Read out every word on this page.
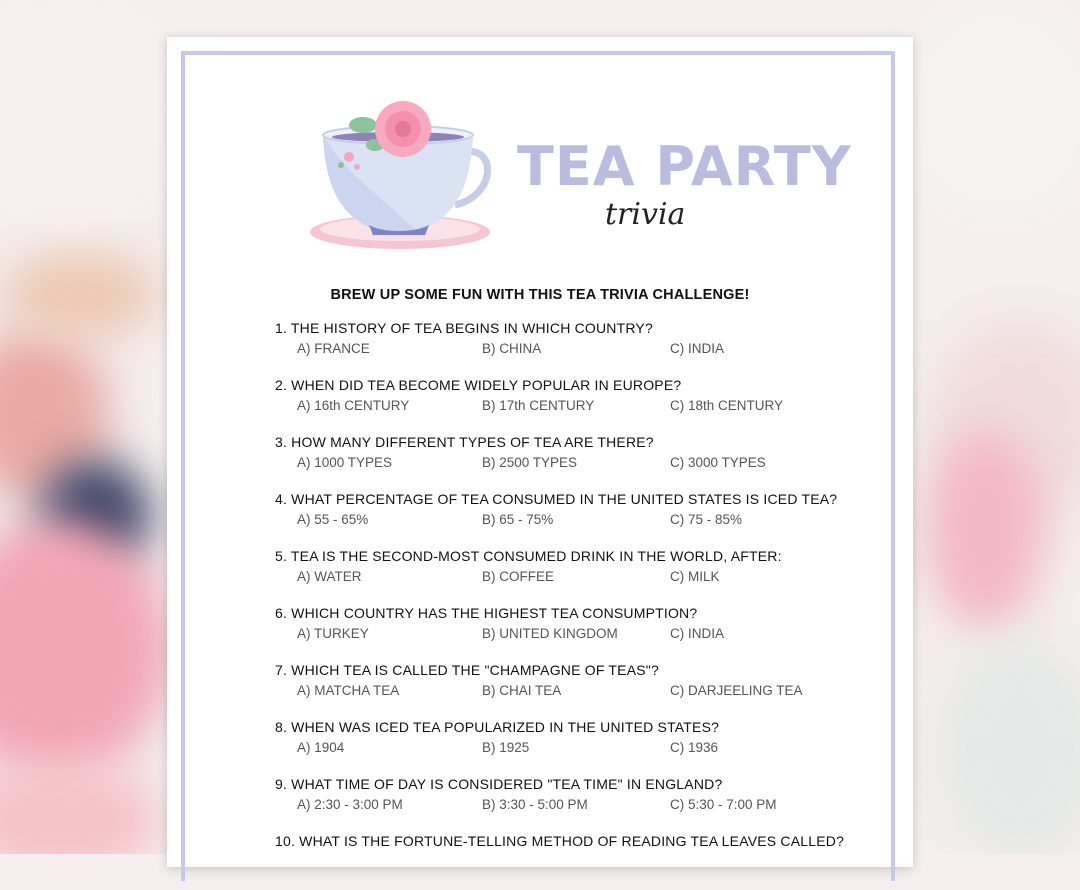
TEA PARTY
trivia
BREW UP SOME FUN WITH THIS TEA TRIVIA CHALLENGE!
1. THE HISTORY OF TEA BEGINS IN WHICH COUNTRY?
A) FRANCE	B) CHINA	C) INDIA
2. WHEN DID TEA BECOME WIDELY POPULAR IN EUROPE?
A) 16th CENTURY	B) 17th CENTURY	C) 18th CENTURY
3. HOW MANY DIFFERENT TYPES OF TEA ARE THERE?
A) 1000 TYPES	B) 2500 TYPES	C) 3000 TYPES
4. WHAT PERCENTAGE OF TEA CONSUMED IN THE UNITED STATES IS ICED TEA?
A) 55 - 65%	B) 65 - 75%	C) 75 - 85%
5. TEA IS THE SECOND-MOST CONSUMED DRINK IN THE WORLD, AFTER:
A) WATER	B) COFFEE	C) MILK
6. WHICH COUNTRY HAS THE HIGHEST TEA CONSUMPTION?
A) TURKEY	B) UNITED KINGDOM	C) INDIA
7. WHICH TEA IS CALLED THE "CHAMPAGNE OF TEAS"?
A) MATCHA TEA	B) CHAI TEA	C) DARJEELING TEA
8. WHEN WAS ICED TEA POPULARIZED IN THE UNITED STATES?
A) 1904	B) 1925	C) 1936
9. WHAT TIME OF DAY IS CONSIDERED "TEA TIME" IN ENGLAND?
A) 2:30 - 3:00 PM	B) 3:30 - 5:00 PM	C) 5:30 - 7:00 PM
10. WHAT IS THE FORTUNE-TELLING METHOD OF READING TEA LEAVES CALLED?
